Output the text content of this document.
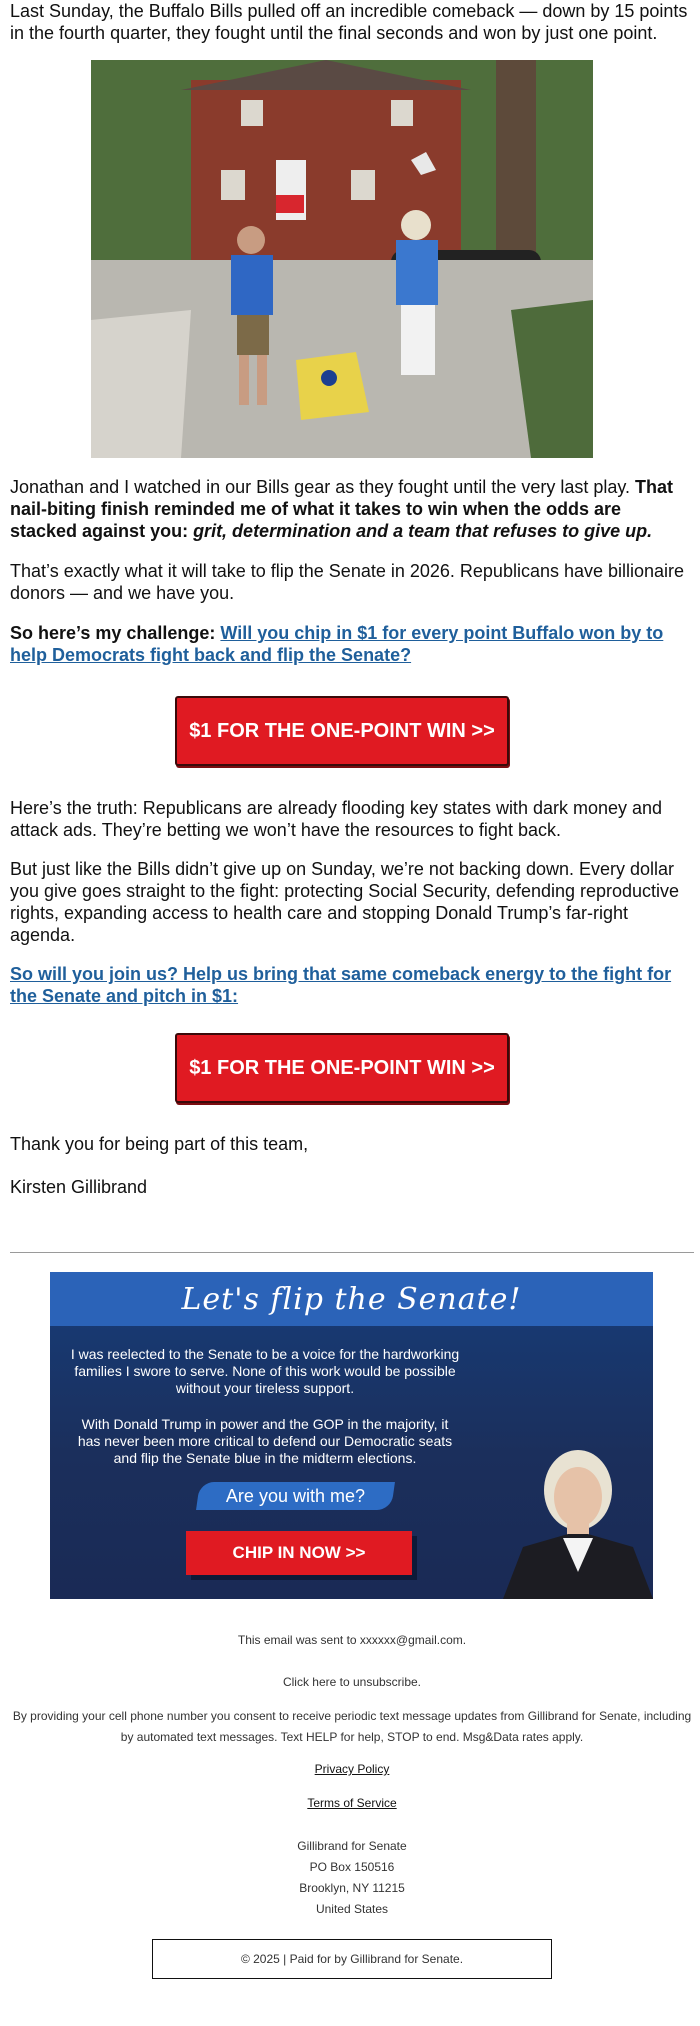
Last Sunday, the Buffalo Bills pulled off an incredible comeback — down by 15 points in the fourth quarter, they fought until the final seconds and won by just one point.

Jonathan and I watched in our Bills gear as they fought until the very last play. That nail-biting finish reminded me of what it takes to win when the odds are stacked against you: grit, determination and a team that refuses to give up.

That’s exactly what it will take to flip the Senate in 2026. Republicans have billionaire donors — and we have you.

So here’s my challenge: Will you chip in $1 for every point Buffalo won by to help Democrats fight back and flip the Senate?

$1 FOR THE ONE-POINT WIN >>

Here’s the truth: Republicans are already flooding key states with dark money and attack ads. They’re betting we won’t have the resources to fight back.

But just like the Bills didn’t give up on Sunday, we’re not backing down. Every dollar you give goes straight to the fight: protecting Social Security, defending reproductive rights, expanding access to health care and stopping Donald Trump’s far-right agenda.

So will you join us? Help us bring that same comeback energy to the fight for the Senate and pitch in $1:

$1 FOR THE ONE-POINT WIN >>

Thank you for being part of this team,

Kirsten Gillibrand

Let's flip the Senate!
I was reelected to the Senate to be a voice for the hardworking families I swore to serve. None of this work would be possible without your tireless support.
With Donald Trump in power and the GOP in the majority, it has never been more critical to defend our Democratic seats and flip the Senate blue in the midterm elections.
Are you with me?
CHIP IN NOW >>
This email was sent to xxxxxx@gmail.com.
Click here to unsubscribe.
By providing your cell phone number you consent to receive periodic text message updates from Gillibrand for Senate, including by automated text messages. Text HELP for help, STOP to end. Msg&Data rates apply.
Privacy Policy
Terms of Service
Gillibrand for Senate
PO Box 150516
Brooklyn, NY 11215
United States
© 2025 | Paid for by Gillibrand for Senate.
